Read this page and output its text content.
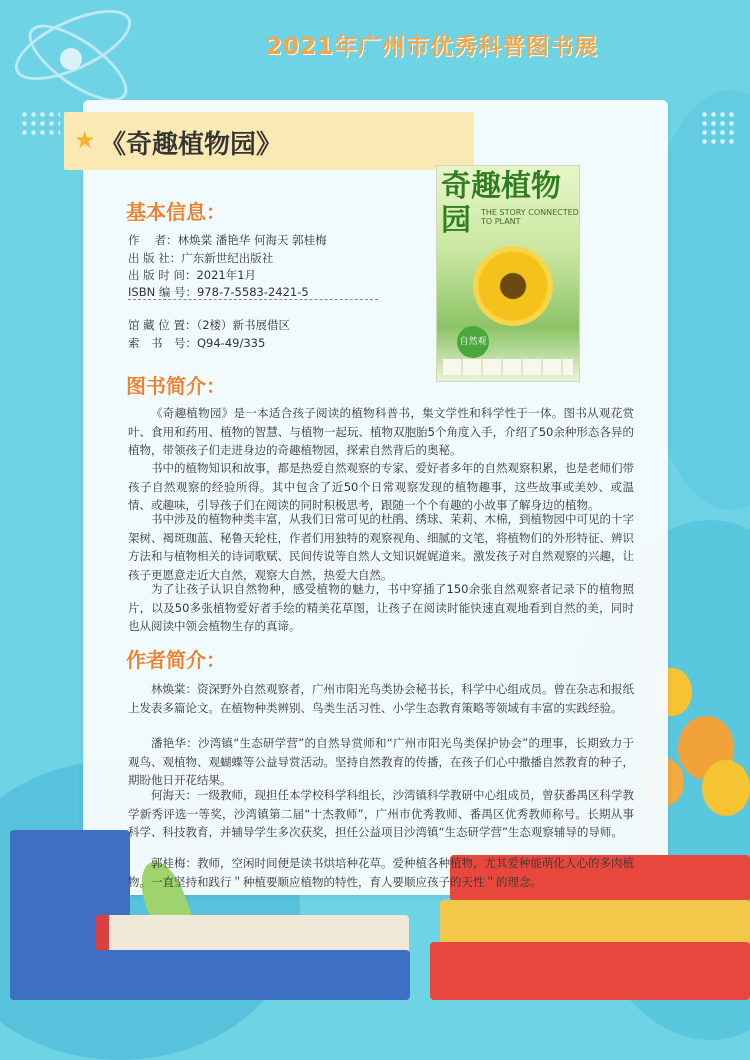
2021年广州市优秀科普图书展
★ 《奇趣植物园》
基本信息：
作　 者：林焕棠 潘艳华 何海天 郭桂梅
出 版 社：广东新世纪出版社
出 版 时 间：2021年1月
ISBN 编 号：978-7-5583-2421-5
馆 藏 位 置：（2楼）新书展借区
索　书　号：Q94-49/335
奇趣植物园	THE STORY CONNECTED TO PLANT
自然观
图书简介：

《奇趣植物园》是一本适合孩子阅读的植物科普书，集文学性和科学性于一体。图书从观花赏叶、食用和药用、植物的智慧、与植物一起玩、植物双胞胎5个角度入手，介绍了50余种形态各异的植物，带领孩子们走进身边的奇趣植物园，探索自然背后的奥秘。

书中的植物知识和故事，都是热爱自然观察的专家、爱好者多年的自然观察积累，也是老师们带孩子自然观察的经验所得。其中包含了近50个日常观察发现的植物趣事，这些故事或美妙、或温情、或趣味，引导孩子们在阅读的同时积极思考，跟随一个个有趣的小故事了解身边的植物。

书中涉及的植物种类丰富，从我们日常可见的杜鹃、绣球、茉莉、木棉，到植物园中可见的十字架树、褐斑珈蓝、秘鲁天轮柱，作者们用独特的观察视角、细腻的文笔，将植物们的外形特征、辨识方法和与植物相关的诗词歌赋、民间传说等自然人文知识娓娓道来。激发孩子对自然观察的兴趣，让孩子更愿意走近大自然，观察大自然，热爱大自然。

为了让孩子认识自然物种，感受植物的魅力，书中穿插了150余张自然观察者记录下的植物照片，以及50多张植物爱好者手绘的精美花草图，让孩子在阅读时能快速直观地看到自然的美，同时也从阅读中领会植物生存的真谛。

作者简介：

林焕棠：资深野外自然观察者，广州市阳光鸟类协会秘书长，科学中心组成员。曾在杂志和报纸上发表多篇论文。在植物种类辨别、鸟类生活习性、小学生态教育策略等领域有丰富的实践经验。

潘艳华：沙湾镇“生态研学营”的自然导赏师和“广州市阳光鸟类保护协会”的理事，长期致力于观鸟、观植物、观蝴蝶等公益导赏活动。坚持自然教育的传播，在孩子们心中撒播自然教育的种子，期盼他日开花结果。

何海天：一级教师，现担任本学校科学科组长，沙湾镇科学教研中心组成员，曾获番禺区科学教学新秀评选一等奖，沙湾镇第二届“十杰教师”，广州市优秀教师、番禺区优秀教师称号。长期从事科学、科技教育，并辅导学生多次获奖，担任公益项目沙湾镇“生态研学营”生态观察辅导的导师。

郭桂梅：教师，空闲时间便是读书烘培种花草。爱种植各种植物，尤其爱种能萌化人心的多肉植物。一直坚持和践行＂种植要顺应植物的特性，育人要顺应孩子的天性＂的理念。
